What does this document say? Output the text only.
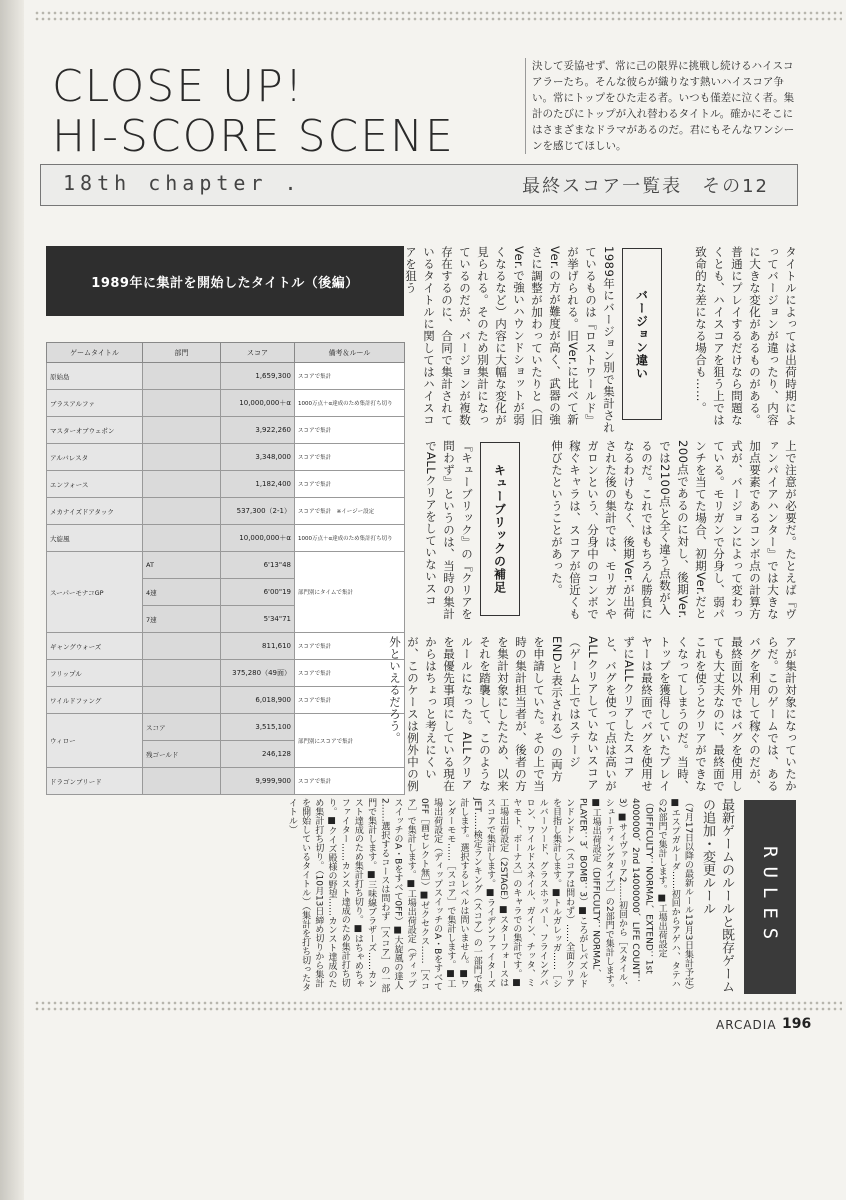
CLOSE UP!
HI-SCORE SCENE
決して妥協せず、常に己の限界に挑戦し続けるハイスコアラーたち。そんな彼らが織りなす熱いハイスコア争い。常にトップをひた走る者。いつも僅差に泣く者。集計のたびにトップが入れ替わるタイトル。確かにそこにはさまざまなドラマがあるのだ。君にもそんなワンシーンを感じてほしい。
18th chapter .	最終スコア一覧表　その12
1989年に集計を開始したタイトル（後編）
ゲームタイトル	部門	スコア	備考＆ルール
原始島		1,659,300	スコアで集計
ブラスアルファ		10,000,000＋α	1000万点＋α達成のため集計打ち切り
マスターオブウェポン		3,922,260	スコアで集計
アルバレスタ		3,348,000	スコアで集計
エンフォース		1,182,400	スコアで集計
メカナイズドアタック		537,300（2-1）	スコアで集計　※イージー設定
大旋風		10,000,000＋α	1000万点＋α達成のため集計打ち切り
スーパーモナコGP	AT	6'13"48	部門別にタイムで集計
	4速	6'00"19	
	7速	5'34"71	
ギャングウォーズ		811,610	スコアで集計
フリップル		375,280（49面）	スコアで集計
ワイルドファング		6,018,900	スコアで集計
ウィロー	スコア	3,515,100	部門別にスコアで集計
	残ゴールド	246,128	
ドラゴンブリード		9,999,900	スコアで集計
タイトルによっては出荷時期によってバージョンが違ったり、内容に大きな変化があるものがある。普通にプレイするだけなら問題なくとも、ハイスコアを狙う上では致命的な差になる場合も……。
バージョン違い
1989年にバージョン別で集計されているものは『ロストワールド』が挙げられる。旧Ver.に比べて新Ver.の方が難度が高く、武器の強さに調整が加わっていたりと（旧Ver.で強いハウンドショットが弱くなるなど）内容に大幅な変化が見られる。そのため別集計になっているのだが、バージョンが複数存在するのに、合同で集計されているタイトルに関してはハイスコアを狙う
上で注意が必要だ。たとえば『ヴァンパイアハンター』では大きな加点要素であるコンボ点の計算方式が、バージョンによって変わっている。モリガンで分身し、弱パンチを当てた場合、初期Ver.だと200点であるのに対し、後期Ver.では2100点と全く違う点数が入るのだ。これではもちろん勝負になるわけもなく、後期Ver.が出荷された後の集計では、モリガンやガロンという、分身中のコンボで稼ぐキャラは、スコアが倍近くも伸びたということがあった。
キューブリックの補足
『キューブリック』の『クリアを問わず』というのは、当時の集計でALLクリアをしていないスコ
アが集計対象になっていたからだ。このゲームでは、あるバグを利用して稼ぐのだが、最終面以外ではバグを使用しても大丈夫なのに、最終面でこれを使うとクリアができなくなってしまうのだ。当時、トップを獲得していたプレイヤーは最終面でバグを使用せずにALLクリアしたスコアと、バグを使って点は高いがALLクリアしていないスコア（ゲーム上ではステージENDと表示される）の両方を申請していた。その上で当時の集計担当者が、後者の方を集計対象にしたため、以来それを踏襲して、このようなルールになった。ALLクリアを最優先事項にしている現在からはちょっと考えにくいが、このケースは例外中の例外といえるだろう。
RULES
最新ゲームのルールと既存ゲームの追加・変更ルール
（7月17日以降の最新ルール13月3日集計予定）■エスプガルーダ……初回からアゲハ、タテハの2部門で集計します。■工場出荷設定（DIFFICULTY：NORMAL、EXTEND：1st 4000000、2nd 14000000、LIFE COUNT：3）■サイヴァリア2……初回から［スタイル、シューティングタイプ］の2部門で集計します。■工場出荷設定（DIFFICULTY：NORMAL、PLAYER：3、BOMB：3）■ころがしパズルドンドンドン（スコアは問わず）……全面クリアを目指し集計します。■トルガレッガ……［シルバーソード、グラスホッパー、フライングバロン、ワイルドスネイル、ガイン、チッタ、ミヤモト、ボーナス］のキャラでの集計です。■工場出荷設定（2STAGE）■スターフォースはスコアで集計します。■ライデンファイターズJET……検定ランキング（スコア）の一部門で集計します。選択するレベルは問いません。■ワンダーモモ……［スコア］で集計します。■工場出荷設定（ディップスイッチのA・Bをすべて0FF［画セレクト無］）■ゼクセクス……［スコア］で集計します。■工場出荷設定（ディップスイッチのA・Bをすべて0FF）■大旋風の達人2……選択するコースは問わず［スコア］の一部門で集計します。■三味線ブラザーズ……カンスト達成のため集計打ち切り。■はちゃめちゃファイター……カンスト達成のため集計打ち切り。■クイズ殿様の野望……カンスト達成のため集計打ち切り。（10月13日締め切りから集計を開始しているタイトル）（集計を打ち切ったタイトル）
ARCADIA 196
